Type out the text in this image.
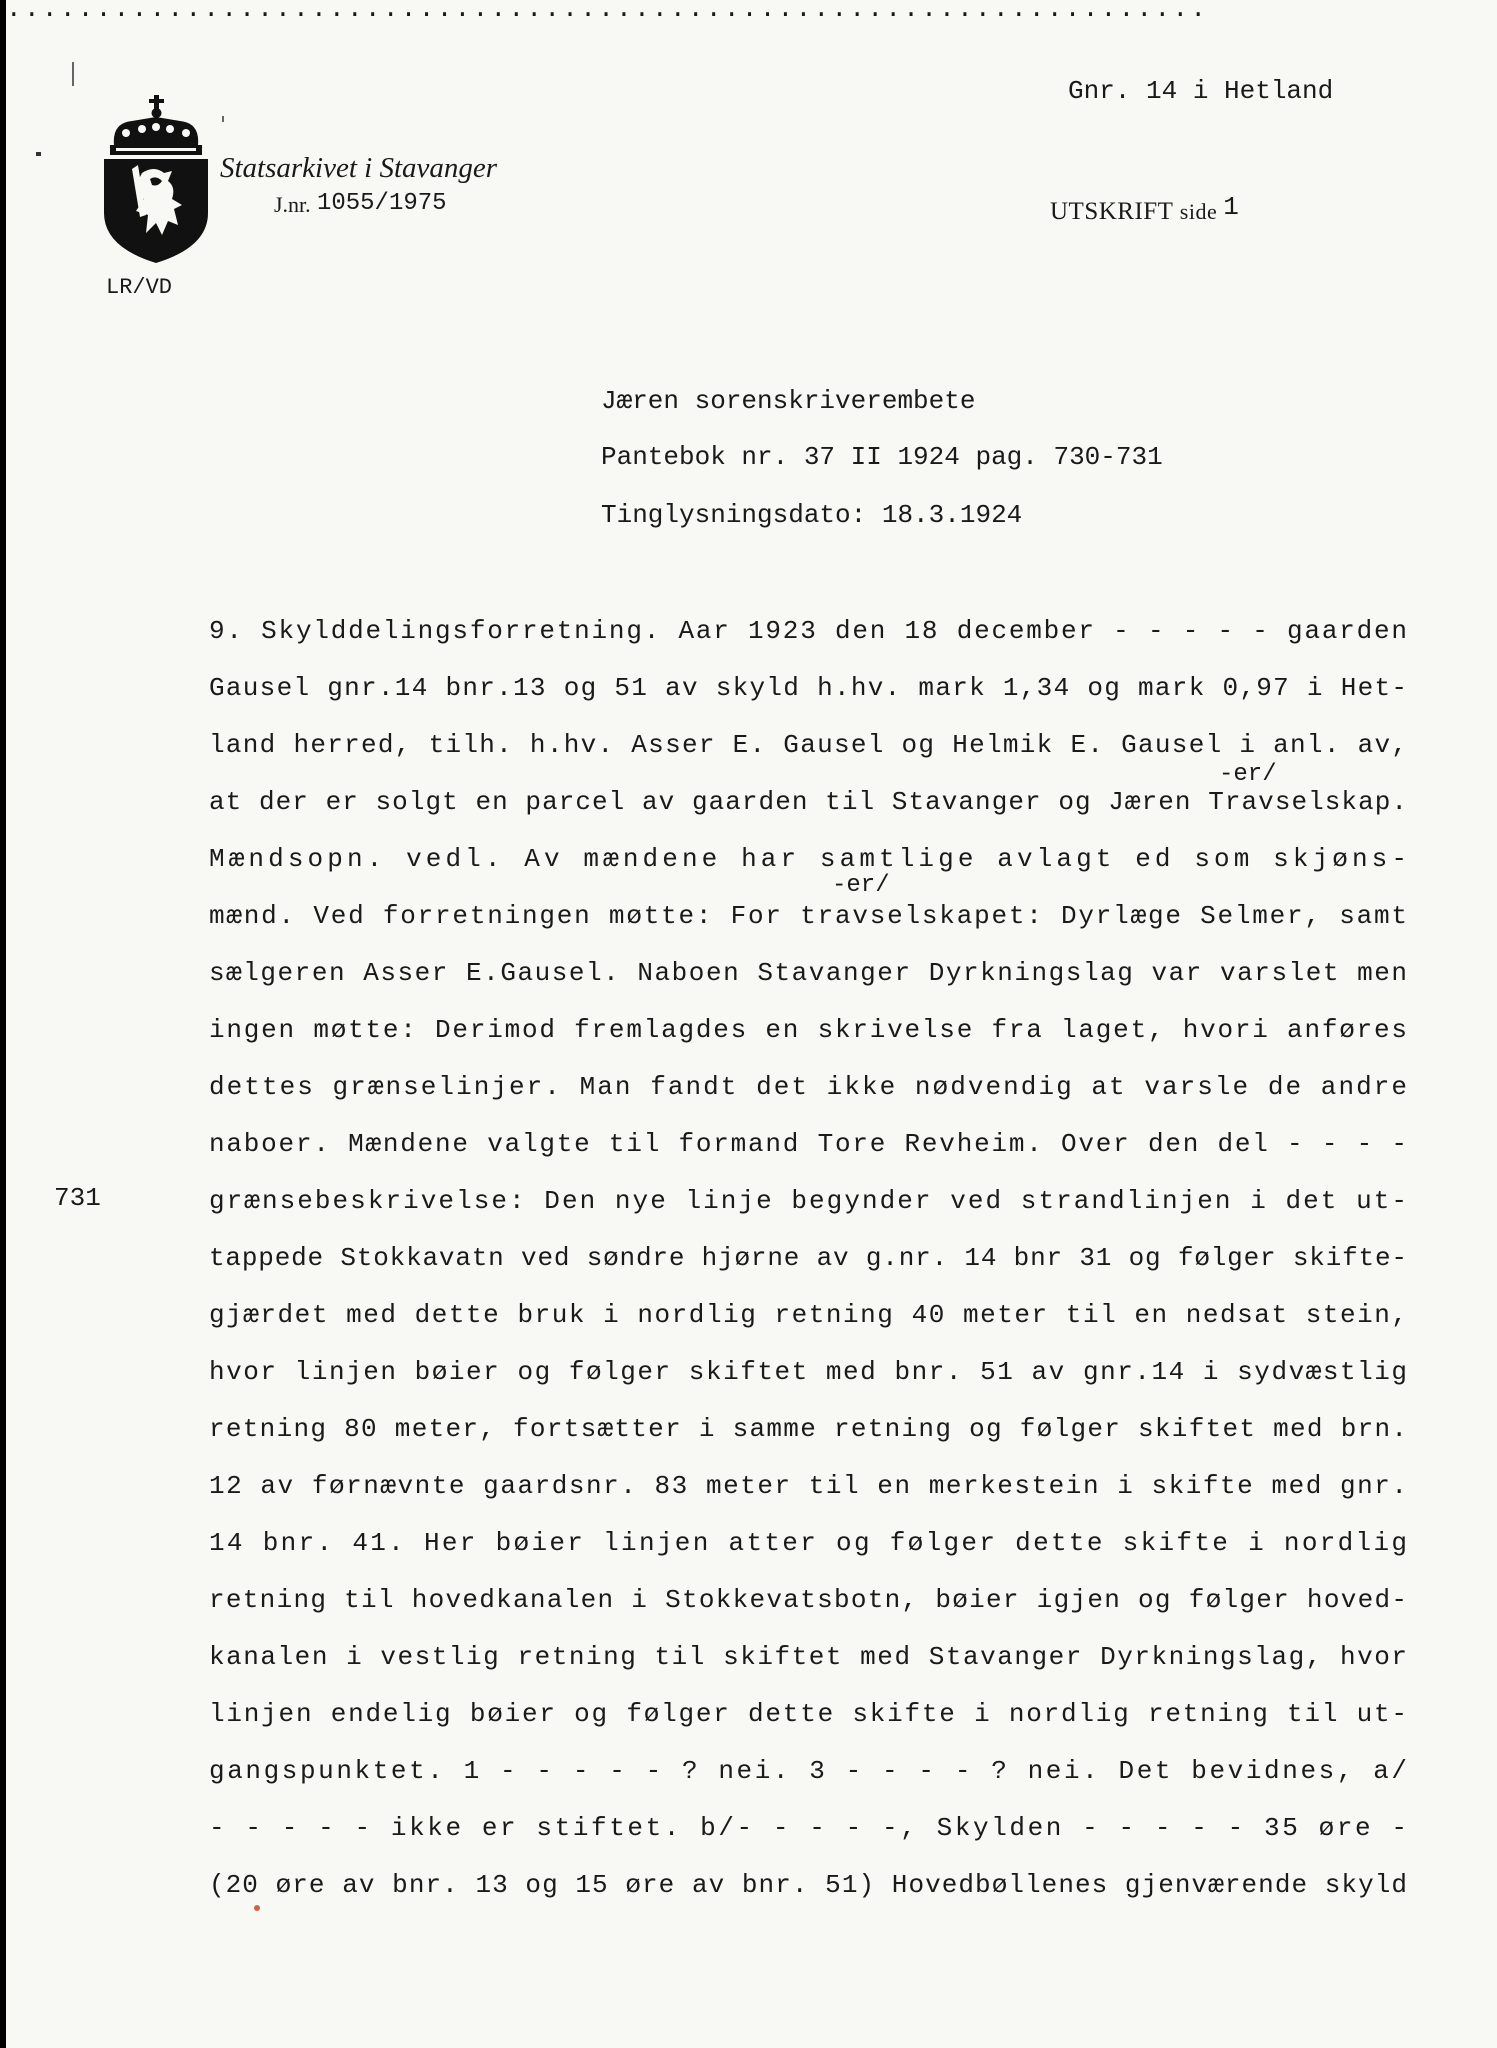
Statsarkivet i Stavanger
J.nr. 1055/1975
LR/VD
Gnr. 14 i Hetland
UTSKRIFT side 1
Jæren sorenskriverembete
Pantebok nr. 37 II 1924 pag. 730-731
Tinglysningsdato: 18.3.1924
...................................................................
731
-er/
-er/
9. Skylddelingsforretning. Aar 1923 den 18 december - - - - - gaarden
Gausel gnr.14 bnr.13 og 51 av skyld h.hv. mark 1,34 og mark 0,97 i Het-
land herred, tilh. h.hv. Asser E. Gausel og Helmik E. Gausel i anl. av,
at der er solgt en parcel av gaarden til Stavanger og Jæren Travselskap.
Mændsopn. vedl. Av mændene har samtlige avlagt ed som skjøns-
mænd. Ved forretningen møtte: For travselskapet: Dyrlæge Selmer, samt
sælgeren Asser E.Gausel. Naboen Stavanger Dyrkningslag var varslet men
ingen møtte: Derimod fremlagdes en skrivelse fra laget, hvori anføres
dettes grænselinjer. Man fandt det ikke nødvendig at varsle de andre
naboer. Mændene valgte til formand Tore Revheim. Over den del - - - -
grænsebeskrivelse: Den nye linje begynder ved strandlinjen i det ut-
tappede Stokkavatn ved søndre hjørne av g.nr. 14 bnr 31 og følger skifte-
gjærdet med dette bruk i nordlig retning 40 meter til en nedsat stein,
hvor linjen bøier og følger skiftet med bnr. 51 av gnr.14 i sydvæstlig
retning 80 meter, fortsætter i samme retning og følger skiftet med brn.
12 av førnævnte gaardsnr. 83 meter til en merkestein i skifte med gnr.
14 bnr. 41. Her bøier linjen atter og følger dette skifte i nordlig
retning til hovedkanalen i Stokkevatsbotn, bøier igjen og følger hoved-
kanalen i vestlig retning til skiftet med Stavanger Dyrkningslag, hvor
linjen endelig bøier og følger dette skifte i nordlig retning til ut-
gangspunktet. 1 - - - - - ? nei. 3 - - - - ? nei. Det bevidnes, a/
- - - - - ikke er stiftet. b/- - - - -, Skylden - - - - - 35 øre -
(20 øre av bnr. 13 og 15 øre av bnr. 51) Hovedbøllenes gjenværende skyld
